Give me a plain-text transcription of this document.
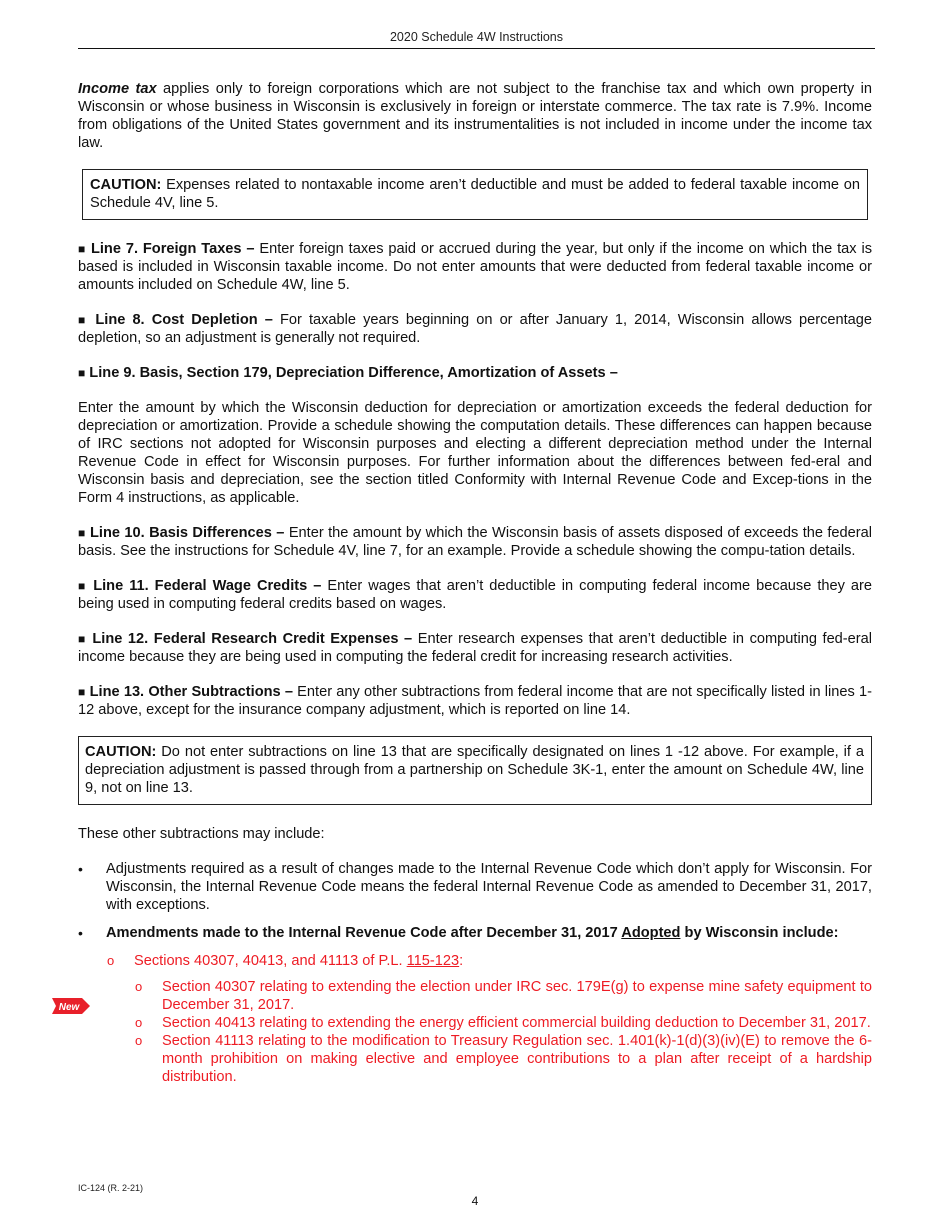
2020 Schedule 4W Instructions

Income tax applies only to foreign corporations which are not subject to the franchise tax and which own property in Wisconsin or whose business in Wisconsin is exclusively in foreign or interstate commerce. The tax rate is 7.9%. Income from obligations of the United States government and its instrumentalities is not included in income under the income tax law.

CAUTION: Expenses related to nontaxable income aren’t deductible and must be added to federal taxable income on Schedule 4V, line 5.

■ Line 7. Foreign Taxes – Enter foreign taxes paid or accrued during the year, but only if the income on which the tax is based is included in Wisconsin taxable income. Do not enter amounts that were deducted from federal taxable income or amounts included on Schedule 4W, line 5.

■ Line 8. Cost Depletion – For taxable years beginning on or after January 1, 2014, Wisconsin allows percentage depletion, so an adjustment is generally not required.

■ Line 9. Basis, Section 179, Depreciation Difference, Amortization of Assets –

Enter the amount by which the Wisconsin deduction for depreciation or amortization exceeds the federal deduction for depreciation or amortization. Provide a schedule showing the computation details. These differences can happen because of IRC sections not adopted for Wisconsin purposes and electing a different depreciation method under the Internal Revenue Code in effect for Wisconsin purposes. For further information about the differences between fed-eral and Wisconsin basis and depreciation, see the section titled Conformity with Internal Revenue Code and Excep-tions in the Form 4 instructions, as applicable.

■ Line 10. Basis Differences – Enter the amount by which the Wisconsin basis of assets disposed of exceeds the federal basis. See the instructions for Schedule 4V, line 7, for an example. Provide a schedule showing the compu-tation details.

■ Line 11. Federal Wage Credits – Enter wages that aren’t deductible in computing federal income because they are being used in computing federal credits based on wages.

■ Line 12. Federal Research Credit Expenses – Enter research expenses that aren’t deductible in computing fed-eral income because they are being used in computing the federal credit for increasing research activities.

■ Line 13. Other Subtractions – Enter any other subtractions from federal income that are not specifically listed in lines 1-12 above, except for the insurance company adjustment, which is reported on line 14.

CAUTION: Do not enter subtractions on line 13 that are specifically designated on lines 1 -12 above. For example, if a depreciation adjustment is passed through from a partnership on Schedule 3K-1, enter the amount on Schedule 4W, line 9, not on line 13.

These other subtractions may include:

• Adjustments required as a result of changes made to the Internal Revenue Code which don’t apply for Wisconsin. For Wisconsin, the Internal Revenue Code means the federal Internal Revenue Code as amended to December 31, 2017, with exceptions.
• Amendments made to the Internal Revenue Code after December 31, 2017 Adopted by Wisconsin include:
o Sections 40307, 40413, and 41113 of P.L. 115-123:
o Section 40307 relating to extending the election under IRC sec. 179E(g) to expense mine safety equipment to December 31, 2017.
o Section 40413 relating to extending the energy efficient commercial building deduction to December 31, 2017.
o Section 41113 relating to the modification to Treasury Regulation sec. 1.401(k)-1(d)(3)(iv)(E) to remove the 6-month prohibition on making elective and employee contributions to a plan after receipt of a hardship distribution.
New
IC-124 (R. 2-21)
4
